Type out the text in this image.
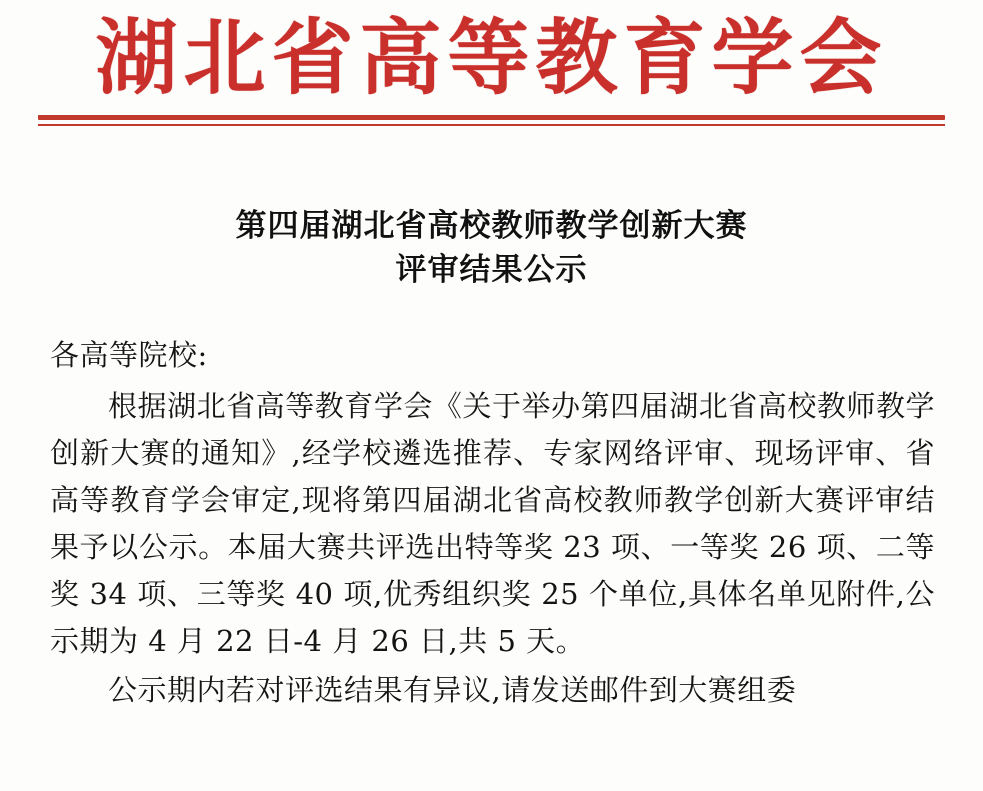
湖北省高等教育学会
第四届湖北省高校教师教学创新大赛
评审结果公示
各高等院校:

根据湖北省高等教育学会《关于举办第四届湖北省高校教师教学创新大赛的通知》,经学校遴选推荐、专家网络评审、现场评审、省高等教育学会审定,现将第四届湖北省高校教师教学创新大赛评审结果予以公示。本届大赛共评选出特等奖 23 项、一等奖 26 项、二等奖 34 项、三等奖 40 项,优秀组织奖 25 个单位,具体名单见附件,公示期为 4 月 22 日-4 月 26 日,共 5 天。

公示期内若对评选结果有异议,请发送邮件到大赛组委
